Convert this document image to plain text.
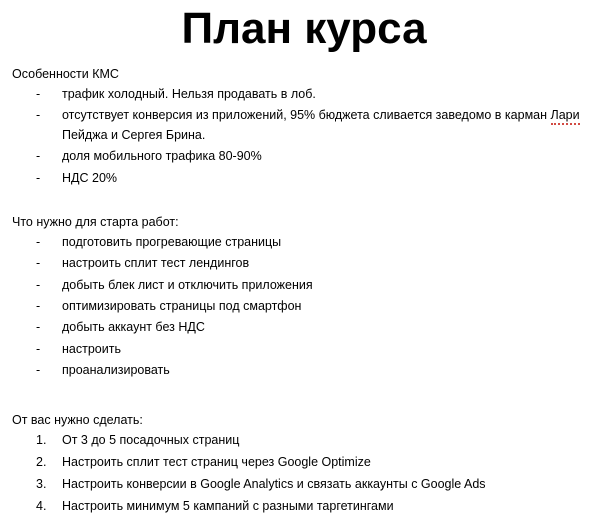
План курса
Особенности КМС
- трафик холодный. Нельзя продавать в лоб.
- отсутствует конверсия из приложений, 95% бюджета сливается заведомо в карман Лари Пейджа и Сергея Брина.
- доля мобильного трафика 80-90%
- НДС 20%
Что нужно для старта работ:
- подготовить прогревающие страницы
- настроить сплит тест лендингов
- добыть блек лист и отключить приложения
- оптимизировать страницы под смартфон
- добыть аккаунт без НДС
- настроить
- проанализировать
От вас нужно сделать:
От 3 до 5 посадочных страниц
Настроить сплит тест страниц через Google Optimize
Настроить конверсии в Google Analytics и связать аккаунты с Google Ads
Настроить минимум 5 кампаний с разными таргетингами
